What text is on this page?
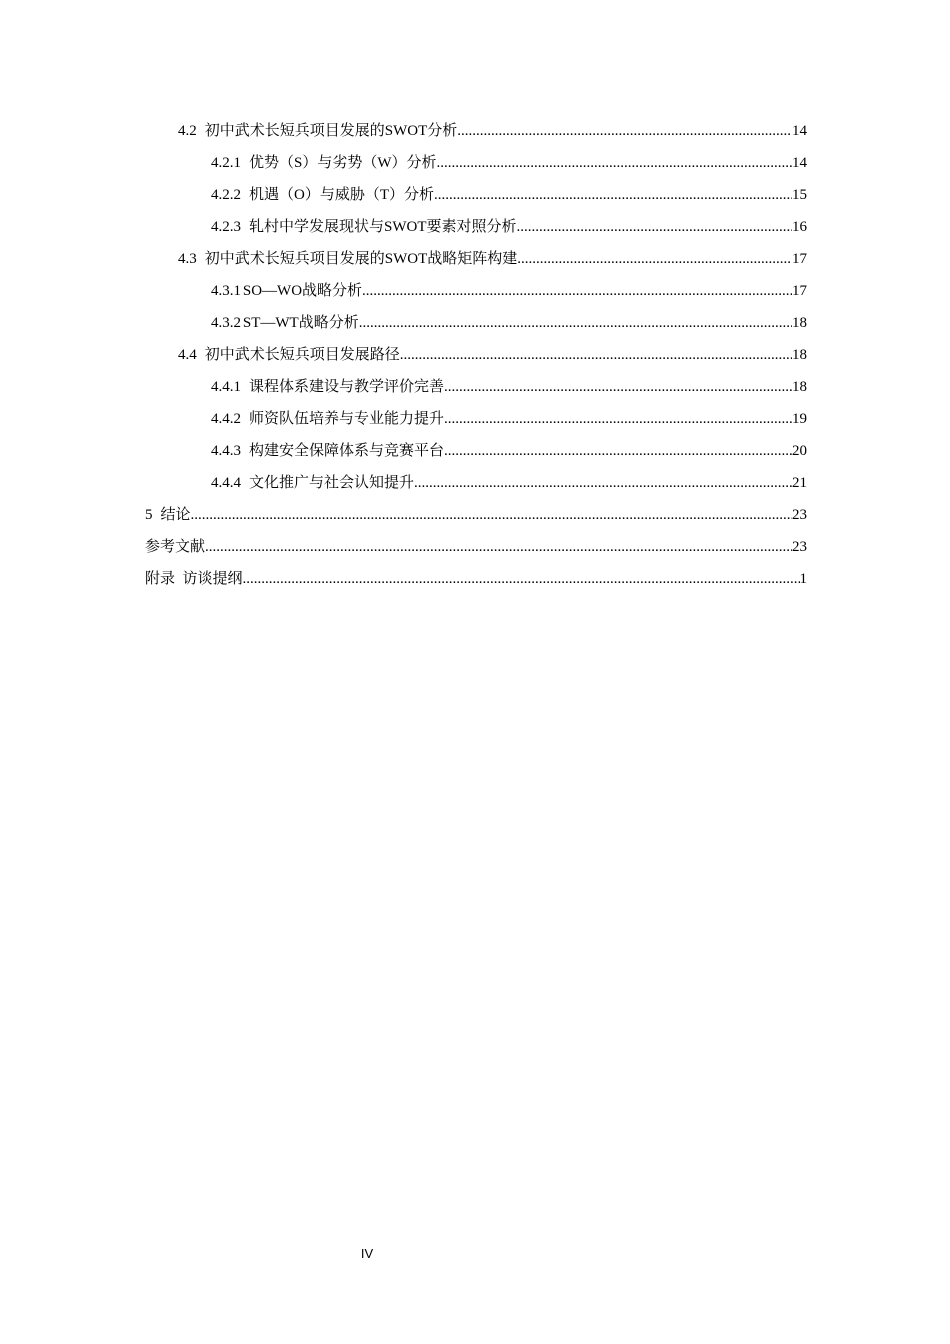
4.2 初中武术长短兵项目发展的SWOT分析 .....	14
4.2.1 优势（S）与劣势（W）分析 .....	14
4.2.2 机遇（O）与威胁（T）分析 .....	15
4.2.3 轧村中学发展现状与SWOT要素对照分析 .....	16
4.3 初中武术长短兵项目发展的SWOT战略矩阵构建 .....	17
4.3.1 SO—WO战略分析 .....	17
4.3.2 ST—WT战略分析 .....	18
4.4 初中武术长短兵项目发展路径 .....	18
4.4.1 课程体系建设与教学评价完善 .....	18
4.4.2 师资队伍培养与专业能力提升 .....	19
4.4.3 构建安全保障体系与竞赛平台 .....	20
4.4.4 文化推广与社会认知提升 .....	21
5 结论 .....	23
参考文献 .....	23
附录  访谈提纲 .....	1
IV
